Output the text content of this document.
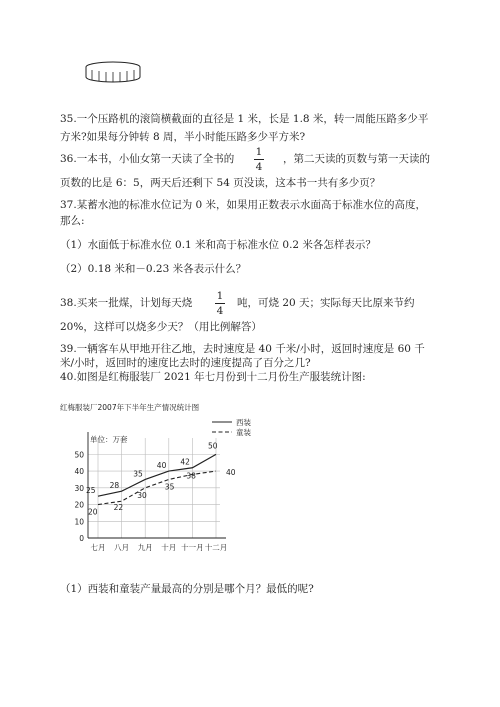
35.一个压路机的滚筒横截面的直径是 1 米，长是 1.8 米，转一周能压路多少平
方米?如果每分钟转 8 周，半小时能压路多少平方米?
36.一本书，小仙女第一天读了全书的
1
4
，第二天读的页数与第一天读的
页数的比是 6：5，两天后还剩下 54 页没读，这本书一共有多少页？
37.某蓄水池的标准水位记为 0 米，如果用正数表示水面高于标准水位的高度，
那么:
（1）水面低于标准水位 0.1 米和高于标准水位 0.2 米各怎样表示？
（2）0.18 米和－0.23 米各表示什么？
38.买来一批煤，计划每天烧
1
4
吨，可烧 20 天；实际每天比原来节约
20%，这样可以烧多少天？（用比例解答）
39.一辆客车从甲地开往乙地，去时速度是 40 千米/小时，返回时速度是 60 千
米/小时，返回时的速度比去时的速度提高了百分之几?
40.如图是红梅服装厂 2021 年七月份到十二月份生产服装统计图:
红梅服装厂2007年下半年生产情况统计图
单位：万套
0
10
20
30
40
50
七月 八月 九月 十月 十一月 十二月
25
28
35
40 42
50
20 22
30
35
38	40
西装
童装
（1）西装和童装产量最高的分别是哪个月？最低的呢?
